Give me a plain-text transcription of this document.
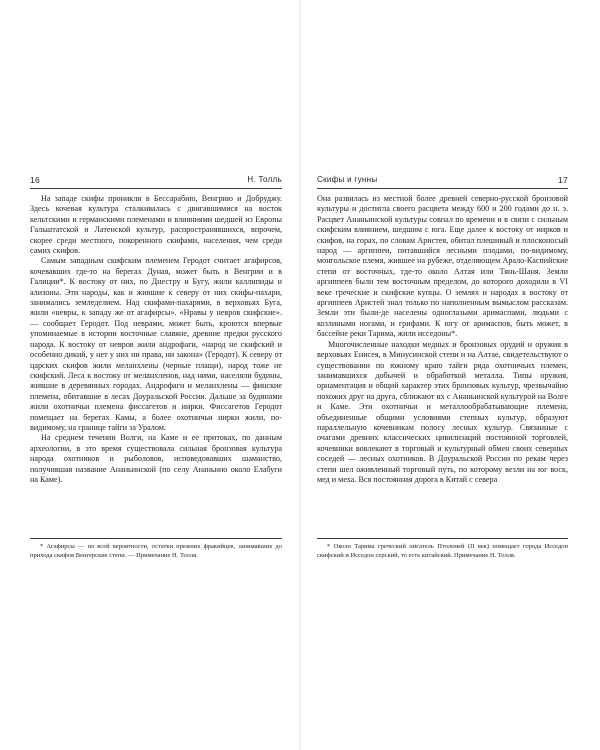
16	Н. Толль

На западе скифы проникли в Бессарабию, Венгрию и Добруджу. Здесь кочевая культура сталкивалась с двигавшимися на восток кельтскими и германскими племенами и влияниями шедшей из Европы Гальштатской и Латенской культур, распространявшихся, впрочем, скорее среди местного, покоренного скифами, населения, чем среди самих скифов.

Самым западным скифским племенем Геродот считает агафирсов, кочевавших где-то на берегах Дуная, может быть в Венгрии и в Галиции*. К востоку от них, по Днестру и Бугу, жили каллипиды и ализоны. Эти народы, как и жившие к северу от них скифы-пахари, занимались земледелием. Над скифами-пахарями, в верховьях Буга, жили «невры, к западу же от агафирсы». «Нравы у невров скифские». — сообщает Геродот. Под неврами, может быть, кроются впервые упоминаемые в истории восточные славяне, древние предки русского народа. К востоку от невров жили андрофаги, «народ не скифский и особенно дикий, у нет у них ни права, ни закона» (Геродот). К северу от царских скифов жили меланхлены (черные плащи), народ тоже не скифский. Леса к востоку от меланхленов, над ними, населяли будины, жившие в деревянных городах. Андрофаги и меланхлены — финские племена, обитавшие в лесах Доуральской России. Дальше за будинами жили охотничьи племена фиссагетов и иирки. Фиссагетов Геродот помещает на берегах Камы, а более охотничьи иирки жили, по-видимому, на границе тайги за Уралом.

На среднем течении Волги, на Каме и ее притоках, по данным археологии, в это время существовала сильная бронзовая культура народа охотников и рыболовов, исповедовавших шаманство, получившая название Ананьинской (по селу Ананьино около Елабуги на Каме).

* Агафирсы — по всей вероятности, остатки прежних фракийцев, занимавших до прихода скифов Венгерские степи. — Примечание Н. Толля.

Скифы и гунны	17

Она развилась из местной более древней северно-русской бронзовой культуры и достигла своего расцвета между 600 и 200 годами до н. э. Расцвет Ананьинской культуры совпал по времени и в связи с сильным скифским влиянием, шедшим с юга. Еще далее к востоку от иирков и скифов, на горах, по словам Аристея, обитал плешивый и плосконосый народ — аргиппеи, питавшийся лесными плодами, по-видимому, монгольское племя, жившее на рубеже, отделяющем Арало-Каспийские степи от восточных, где-то около Алтая или Тянь-Шаня. Земли аргиппеев были тем восточным пределом, до которого доходили в VI веке греческие и скифские купцы. О землях и народах к востоку от аргиппеев Аристей знал только по наполненным вымыслом рассказам. Земли эти были-де населены одноглазыми аримаспами, людьми с козлиными ногами, и грифами. К югу от аримаспов, быть может, в бассейне реки Тарима, жили исседоны*.

Многочисленные находки медных и бронзовых орудий и оружия в верховьях Енисея, в Минусинской степи и на Алтае, свидетельствуют о существовании по южному краю тайги ряда охотничьих племен, занимавшихся добычей и обработкой металла. Типы оружия, орнаментация и общий характер этих бронзовых культур, чрезвычайно похожих друг на друга, сближают их с Ананьинской культурой на Волге и Каме. Эти охотничьи и металлообрабатывающие племена, объединенные общими условиями степных культур, образуют параллельную кочевникам полосу лесных культур. Связанные с очагами древних классических цивилизаций постоянной торговлей, кочевники вовлекают в торговый и культурный обмен своих северных соседей — лесных охотников. В Доуральской России по рекам через степи шел оживленный торговый путь, по которому везли на юг воск, мед и меха. Вся постоянная дорога в Китай с севера

* Около Тарима греческий писатель Птолемей (II век) помещает города Исседон скифский и Исседон серский, то есть китайский. Примечание Н. Толля.
